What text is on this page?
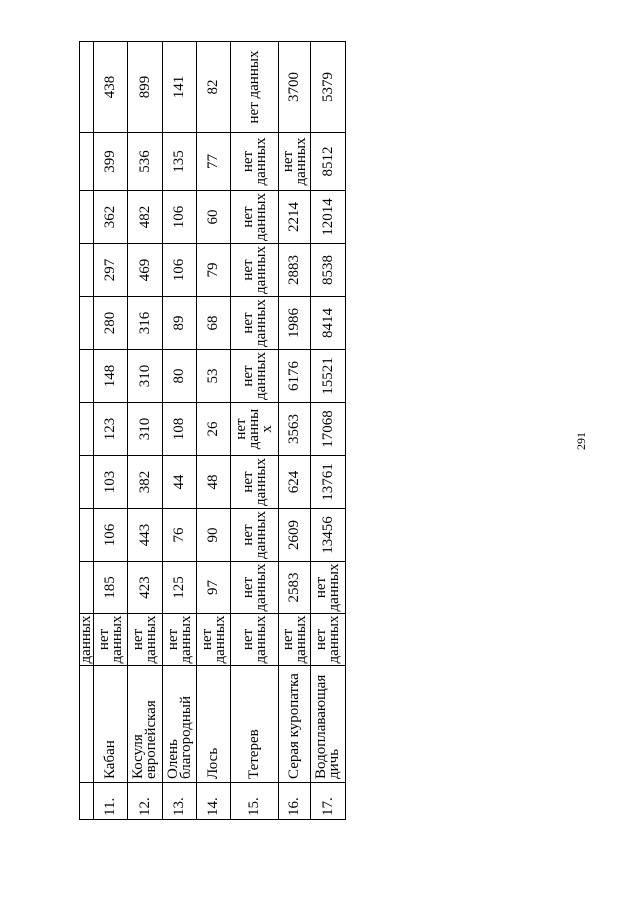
		данных										
11.	Кабан	нет данных	185	106	103	123	148	280	297	362	399	438
12.	Косуля европейская	нет данных	423	443	382	310	310	316	469	482	536	899
13.	Олень благородный	нет данных	125	76	44	108	80	89	106	106	135	141
14.	Лось	нет данных	97	90	48	26	53	68	79	60	77	82
15.	Тетерев	нет данных	нет данных	нет данных	нет данных	нет данны х	нет данных	нет данных	нет данных	нет данных	нет данных	нет данных
16.	Серая куропатка	нет данных	2583	2609	624	3563	6176	1986	2883	2214	нет данных	3700
17.	Водоплавающая дичь	нет данных	нет данных	13456	13761	17068	15521	8414	8538	12014	8512	5379
291
